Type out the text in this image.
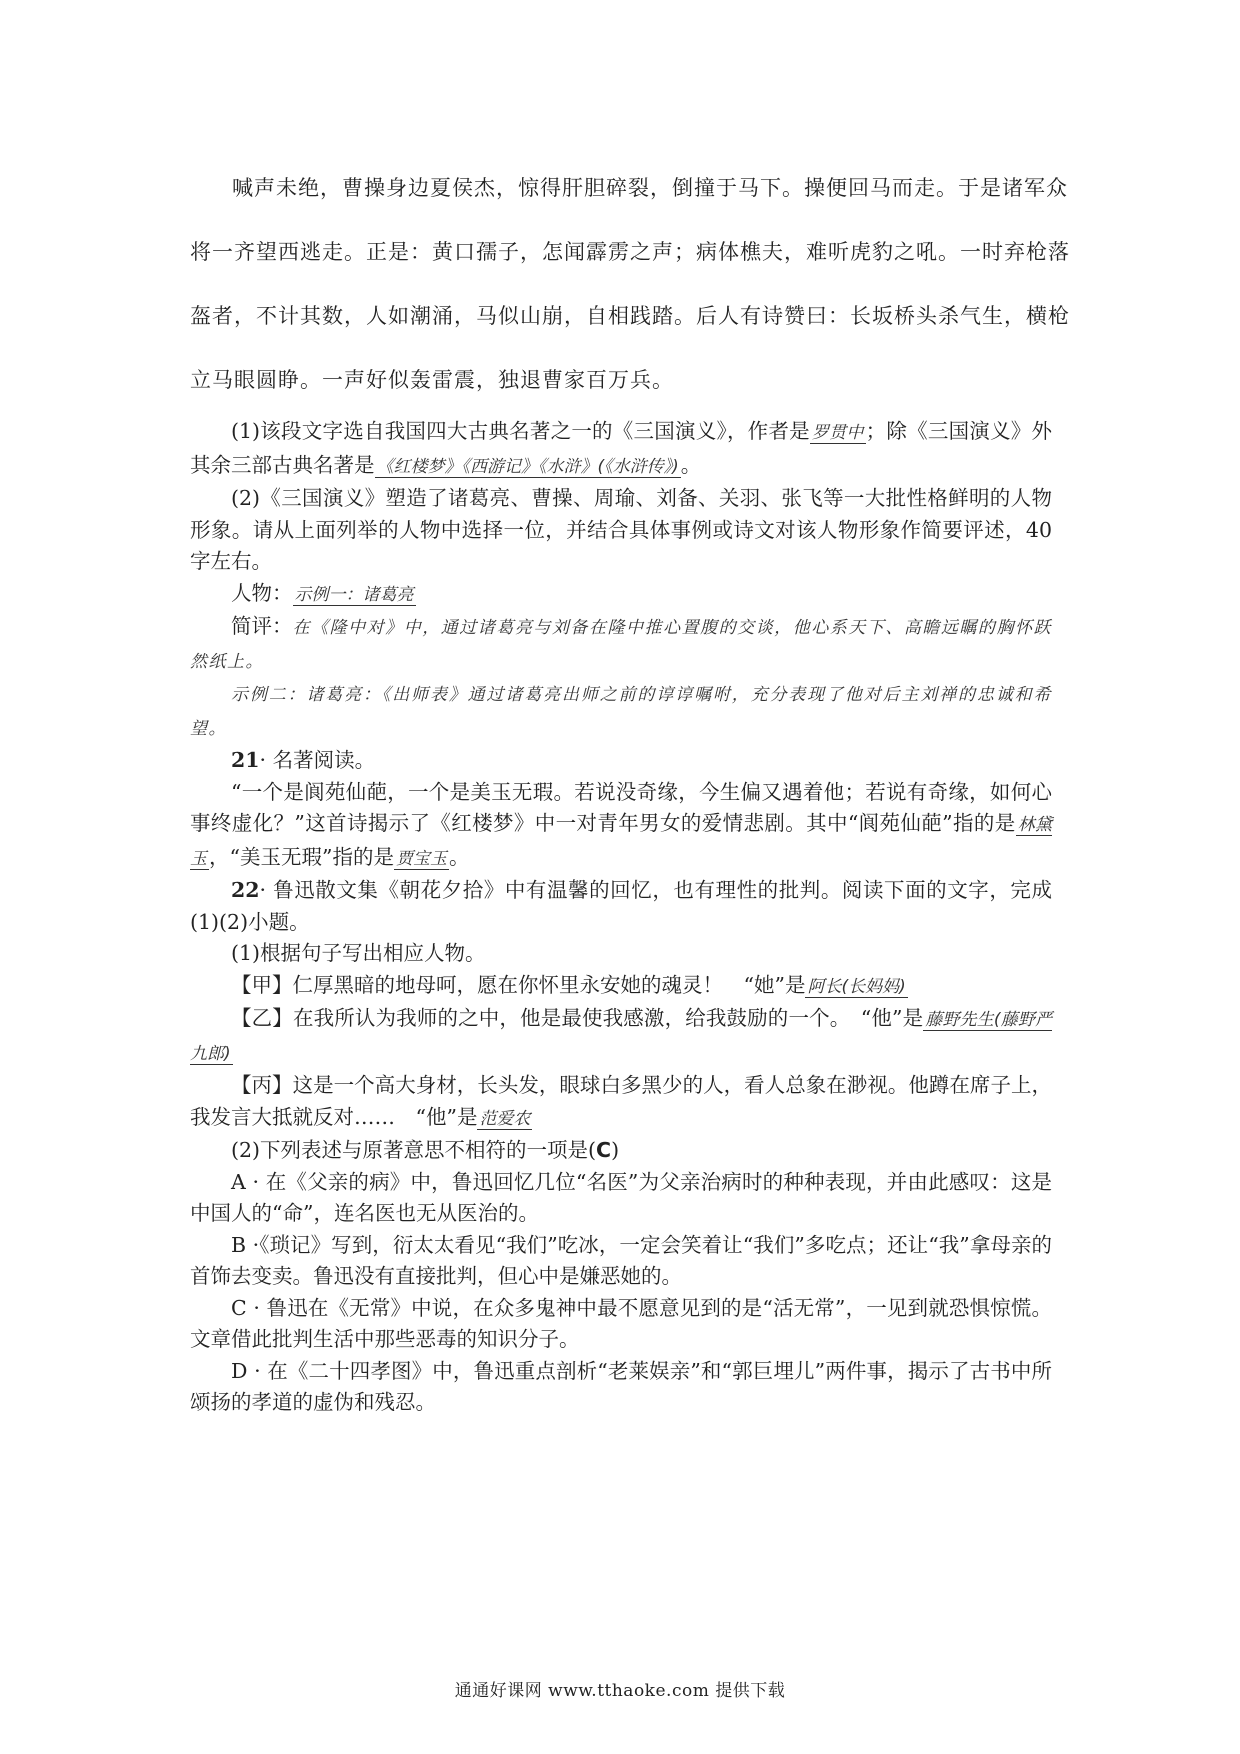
喊声未绝，曹操身边夏侯杰，惊得肝胆碎裂，倒撞于马下。操便回马而走。于是诸军众

将一齐望西逃走。正是：黄口孺子，怎闻霹雳之声；病体樵夫，难听虎豹之吼。一时弃枪落

盔者，不计其数，人如潮涌，马似山崩，自相践踏。后人有诗赞曰：长坂桥头杀气生，横枪

立马眼圆睁。一声好似轰雷震，独退曹家百万兵。

(1)该段文字选自我国四大古典名著之一的《三国演义》，作者是 罗贯中；除《三国演义》外其余三部古典名著是 《红楼梦》《西游记》《水浒》(《水浒传》)。

(2)《三国演义》塑造了诸葛亮、曹操、周瑜、刘备、关羽、张飞等一大批性格鲜明的人物形象。请从上面列举的人物中选择一位，并结合具体事例或诗文对该人物形象作简要评述，40 字左右。

人物： 示例一：诸葛亮

简评：在《隆中对》中，通过诸葛亮与刘备在隆中推心置腹的交谈，他心系天下、高瞻远瞩的胸怀跃然纸上。

示例二：诸葛亮：《出师表》通过诸葛亮出师之前的谆谆嘱咐，充分表现了他对后主刘禅的忠诚和希望。

21· 名著阅读。

“一个是阆苑仙葩，一个是美玉无瑕。若说没奇缘，今生偏又遇着他；若说有奇缘，如何心事终虚化？”这首诗揭示了《红楼梦》中一对青年男女的爱情悲剧。其中“阆苑仙葩”指的是 林黛玉，“美玉无瑕”指的是 贾宝玉。

22· 鲁迅散文集《朝花夕拾》中有温馨的回忆，也有理性的批判。阅读下面的文字，完成(1)(2)小题。

(1)根据句子写出相应人物。

【甲】仁厚黑暗的地母呵，愿在你怀里永安她的魂灵！　“她”是 阿长(长妈妈)

【乙】在我所认为我师的之中，他是最使我感激，给我鼓励的一个。　“他”是 藤野先生(藤野严九郎)

【丙】这是一个高大身材，长头发，眼球白多黑少的人，看人总象在渺视。他蹲在席子上，我发言大抵就反对……　“他”是 范爱农

(2)下列表述与原著意思不相符的一项是(C)

A · 在《父亲的病》中，鲁迅回忆几位“名医”为父亲治病时的种种表现，并由此感叹：这是中国人的“命”，连名医也无从医治的。

B ·《琐记》写到，衍太太看见“我们”吃冰，一定会笑着让“我们”多吃点；还让“我”拿母亲的首饰去变卖。鲁迅没有直接批判，但心中是嫌恶她的。

C · 鲁迅在《无常》中说，在众多鬼神中最不愿意见到的是“活无常”，一见到就恐惧惊慌。文章借此批判生活中那些恶毒的知识分子。

D · 在《二十四孝图》中，鲁迅重点剖析“老莱娱亲”和“郭巨埋儿”两件事，揭示了古书中所颂扬的孝道的虚伪和残忍。

通通好课网 www.tthaoke.com 提供下载
